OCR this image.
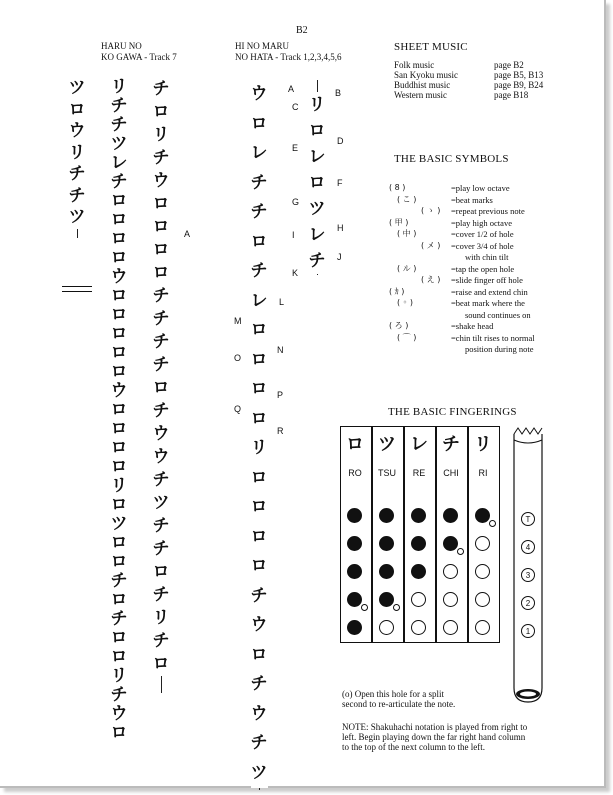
B2
HARU NO
KO GAWA - Track 7
HI NO MARU
NO HATA - Track 1,2,3,4,5,6
ツ
ロ
ウ
リ
チ
チ
ツ
リ
チ
チ
ツ
レ
チ
ロ
ロ
ロ
ロ
ウ
ロ
ロ
ロ
ロ
ロ
ウ
ロ
ロ
ロ
ロ
リ
ロ
ツ
ロ
ロ
チ
ロ
チ
ロ
ロ
リ
チ
ウ
ロ
チ
ロ
リ
チ
ウ
ロ
ロ
ロ
ロ
チ
チ
チ
チ
ロ
チ
ウ
ウ
チ
ツ
チ
チ
ロ
チ
リ
チ
ロ
A
ウ
ロ
レ
チ
チ
ロ
チ
レ
ロ
ロ
ロ
ロ
リ
ロ
ロ
ロ
ロ
チ
ウ
ロ
チ
ウ
チ
ツ
リ
ロ
レ
ロ
ツ
レ
チ
SHEET MUSIC
Folk music	page B2
San Kyoku music	page B5, B13
Buddhist music	page B9, B24
Western music	page B18
THE BASIC SYMBOLS
( 8 )	=play low octave
( こ )	=beat marks
( ゝ ) =repeat previous note
( 甲 )	=play high octave
( 中 )	=cover 1/2 of hole
( メ ) =cover 3/4 of hole
with chin tilt
( ル )	=tap the open hole
( え ) =slide finger off hole
( ｶ )	=raise and extend chin
( ◦ )	=beat mark where the
sound continues on
( ろ )	=shake head
( ⌒ )	=chin tilt rises to normal
position during note
THE BASIC FINGERINGS
ロ
RO
ツ
TSU
レ
RE
チ
CHI
リ
RI
T
4
3
2
1
(o) Open this hole for a split
second to re-articulate the note.
NOTE: Shakuhachi notation is played from right to
left. Begin playing down the far right hand column
to the top of the next column to the left.
A
C
E
G
I
K
M
O
Q
B
D
F
H
J
L
N
P
R
